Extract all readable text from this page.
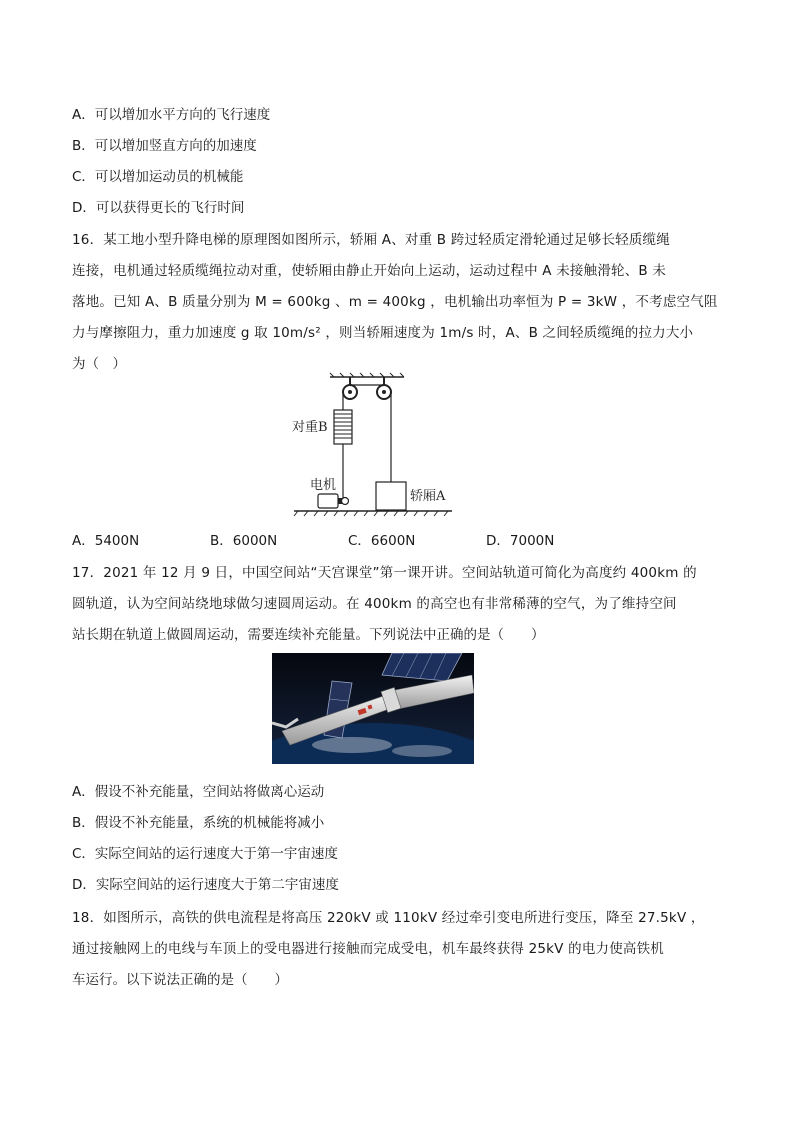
A．可以增加水平方向的飞行速度
B．可以增加竖直方向的加速度
C．可以增加运动员的机械能
D．可以获得更长的飞行时间
16．某工地小型升降电梯的原理图如图所示，轿厢 A、对重 B 跨过轻质定滑轮通过足够长轻质缆绳
连接，电机通过轻质缆绳拉动对重，使轿厢由静止开始向上运动，运动过程中 A 未接触滑轮、B 未
落地。已知 A、B 质量分别为 M = 600kg 、m = 400kg ，电机输出功率恒为 P = 3kW ，不考虑空气阻
力与摩擦阻力，重力加速度 g 取 10m/s² ，则当轿厢速度为 1m/s 时，A、B 之间轻质缆绳的拉力大小
为（　）
对重B
电机
轿厢A
A．5400N	B．6000N	C．6600N	D．7000N
17．2021 年 12 月 9 日，中国空间站“天宫课堂”第一课开讲。空间站轨道可简化为高度约 400km 的
圆轨道，认为空间站绕地球做匀速圆周运动。在 400km 的高空也有非常稀薄的空气，为了维持空间
站长期在轨道上做圆周运动，需要连续补充能量。下列说法中正确的是（　　）
A．假设不补充能量，空间站将做离心运动
B．假设不补充能量，系统的机械能将减小
C．实际空间站的运行速度大于第一宇宙速度
D．实际空间站的运行速度大于第二宇宙速度
18．如图所示，高铁的供电流程是将高压 220kV 或 110kV 经过牵引变电所进行变压，降至 27.5kV ，
通过接触网上的电线与车顶上的受电器进行接触而完成受电，机车最终获得 25kV 的电力使高铁机
车运行。以下说法正确的是（　　）
